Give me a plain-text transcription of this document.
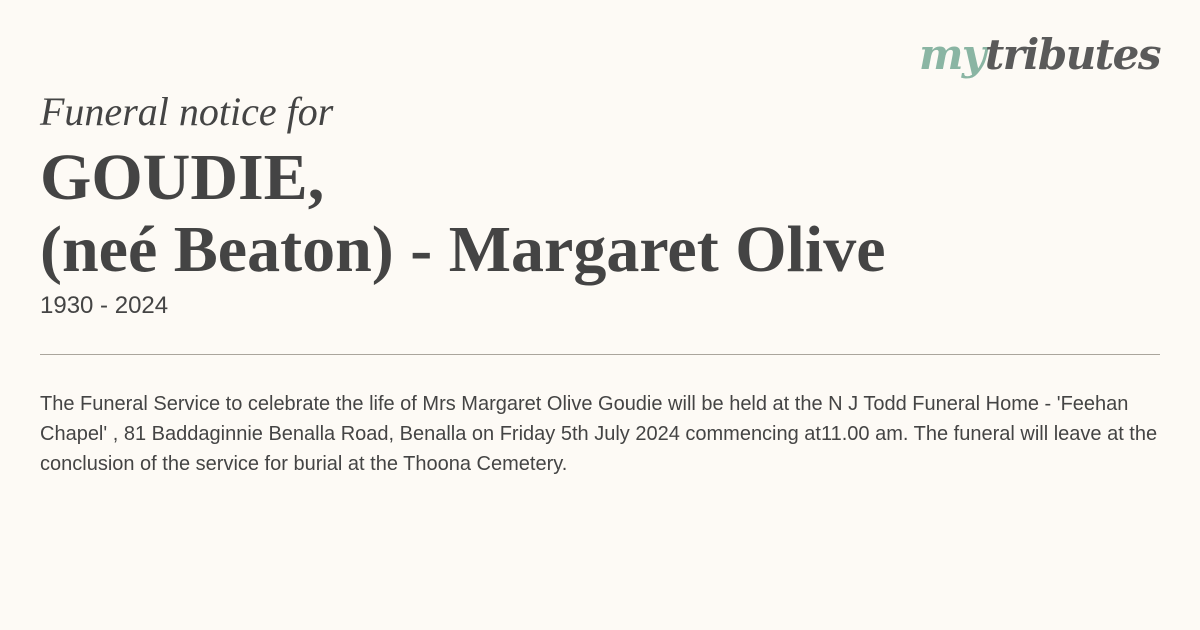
mytributes
Funeral notice for
GOUDIE,
(neé Beaton) - Margaret Olive
1930 - 2024

The Funeral Service to celebrate the life of Mrs Margaret Olive Goudie will be held at the N J Todd Funeral Home - 'Feehan Chapel' , 81 Baddaginnie Benalla Road, Benalla on Friday 5th July 2024 commencing at11.00 am. The funeral will leave at the conclusion of the service for burial at the Thoona Cemetery.
